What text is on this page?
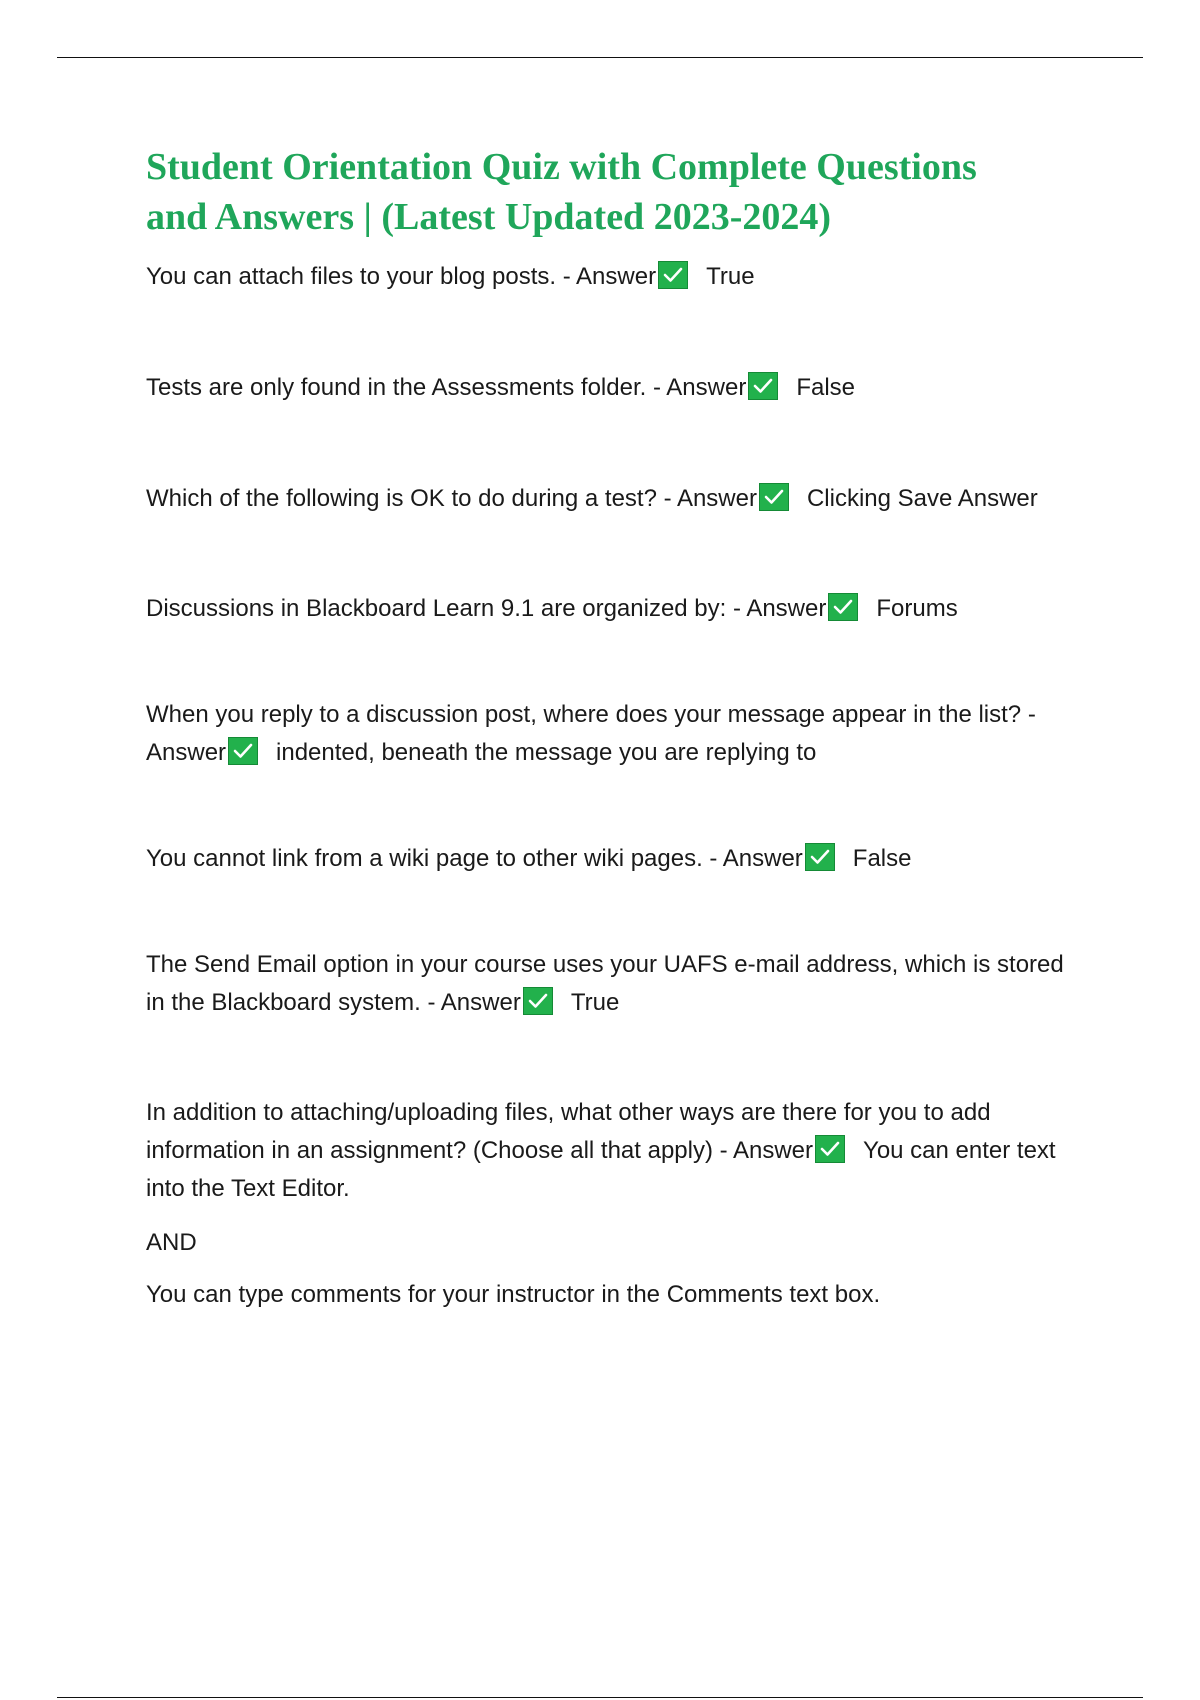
Student Orientation Quiz with Complete Questions
and Answers | (Latest Updated 2023-2024)
You can attach files to your blog posts. - Answer True
Tests are only found in the Assessments folder. - Answer False
Which of the following is OK to do during a test? - Answer Clicking Save Answer
Discussions in Blackboard Learn 9.1 are organized by: - Answer Forums
When you reply to a discussion post, where does your message appear in the list? - Answer indented, beneath the message you are replying to
You cannot link from a wiki page to other wiki pages. - Answer False
The Send Email option in your course uses your UAFS e-mail address, which is stored in the Blackboard system. - Answer True
In addition to attaching/uploading files, what other ways are there for you to add information in an assignment? (Choose all that apply) - Answer You can enter text into the Text Editor.
AND
You can type comments for your instructor in the Comments text box.
